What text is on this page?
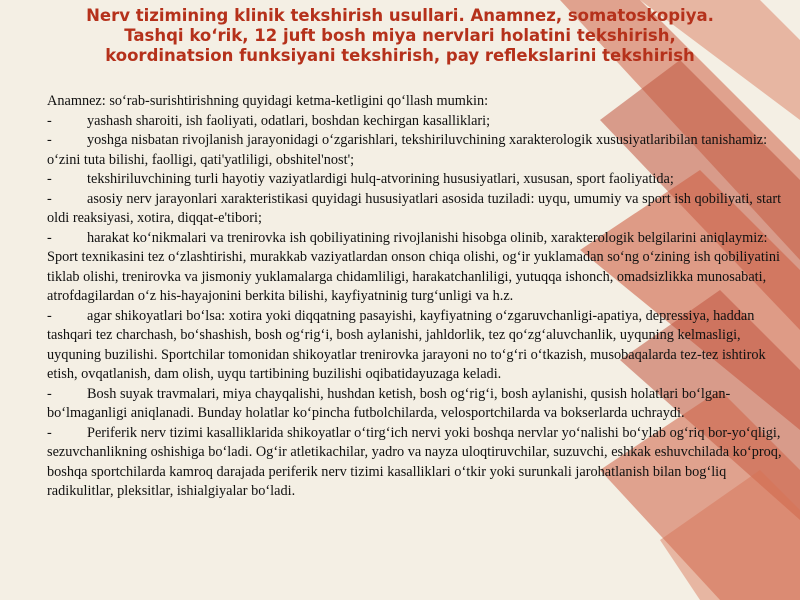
Nerv tizimining klinik tekshirish usullari. Anamnez, somatoskopiya.
Tashqi ko‘rik, 12 juft bosh miya nervlari holatini tekshirish,
koordinatsion funksiyani tekshirish, pay reflekslarini tekshirish

Anamnez: so‘rab-surishtirishning quyidagi ketma-ketligini qo‘llash mumkin:

- yashash sharoiti, ish faoliyati, odatlari, boshdan kechirgan kasalliklari;

- yoshga nisbatan rivojlanish jarayonidagi o‘zgarishlari, tekshiriluvchining xarakterologik xususiyatlaribilan tanishamiz: o‘zini tuta bilishi, faolligi, qati'yatliligi, obshitel'nost';

- tekshiriluvchining turli hayotiy vaziyatlardigi hulq-atvorining hususiyatlari, xususan, sport faoliyatida;

- asosiy nerv jarayonlari xarakteristikasi quyidagi hususiyatlari asosida tuziladi: uyqu, umumiy va sport ish qobiliyati, start oldi reaksiyasi, xotira, diqqat-e'tibori;

- harakat ko‘nikmalari va trenirovka ish qobiliyatining rivojlanishi hisobga olinib, xarakterologik belgilarini aniqlaymiz: Sport texnikasini tez o‘zlashtirishi, murakkab vaziyatlardan onson chiqa olishi, og‘ir yuklamadan so‘ng o‘zining ish qobiliyatini tiklab olishi, trenirovka va jismoniy yuklamalarga chidamliligi, harakatchanliligi, yutuqqa ishonch, omadsizlikka munosabati, atrofdagilardan o‘z his-hayajonini berkita bilishi, kayfiyatninig turg‘unligi va h.z.

- agar shikoyatlari bo‘lsa: xotira yoki diqqatning pasayishi, kayfiyatning o‘zgaruvchanligi-apatiya, depressiya, haddan tashqari tez charchash, bo‘shashish, bosh og‘rig‘i, bosh aylanishi, jahldorlik, tez qo‘zg‘aluvchanlik, uyquning kelmasligi, uyquning buzilishi. Sportchilar tomonidan shikoyatlar trenirovka jarayoni no to‘g‘ri o‘tkazish, musobaqalarda tez-tez ishtirok etish, ovqatlanish, dam olish, uyqu tartibining buzilishi oqibatidayuzaga keladi.

- Bosh suyak travmalari, miya chayqalishi, hushdan ketish, bosh og‘rig‘i, bosh aylanishi, qusish holatlari bo‘lgan-bo‘lmaganligi aniqlanadi. Bunday holatlar ko‘pincha futbolchilarda, velosportchilarda va bokserlarda uchraydi.

- Periferik nerv tizimi kasalliklarida shikoyatlar o‘tirg‘ich nervi yoki boshqa nervlar yo‘nalishi bo‘ylab og‘riq bor-yo‘qligi, sezuvchanlikning oshishiga bo‘ladi. Og‘ir atletikachilar, yadro va nayza uloqtiruvchilar, suzuvchi, eshkak eshuvchilada ko‘proq, boshqa sportchilarda kamroq darajada periferik nerv tizimi kasalliklari o‘tkir yoki surunkali jarohatlanish bilan bog‘liq radikulitlar, pleksitlar, ishialgiyalar bo‘ladi.
